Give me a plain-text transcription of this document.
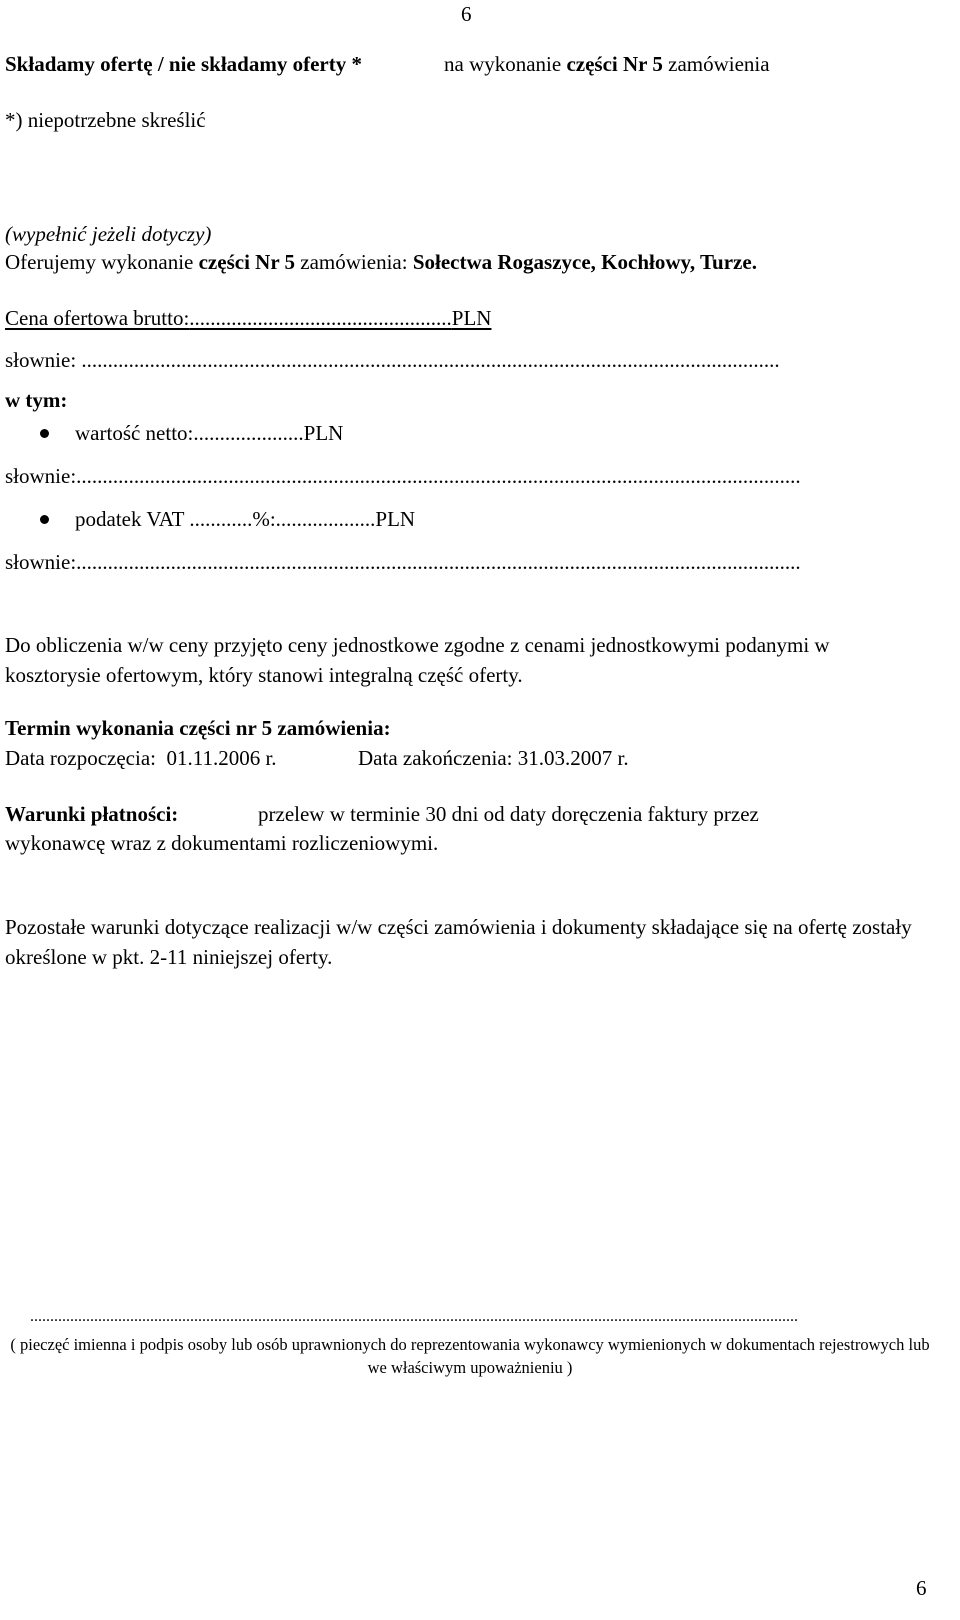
6
Składamy ofertę / nie składamy oferty *	na wykonanie części Nr 5 zamówienia
*) niepotrzebne skreślić
(wypełnić jeżeli dotyczy)
Oferujemy wykonanie części Nr 5 zamówienia: Sołectwa Rogaszyce, Kochłowy, Turze.
Cena ofertowa brutto:..................................................PLN
słownie: .....................................................................................................................................
w tym:
wartość netto:.....................PLN
słownie:..........................................................................................................................................
podatek VAT ............%:...................PLN
słownie:..........................................................................................................................................
Do obliczenia w/w ceny przyjęto ceny jednostkowe zgodne z cenami jednostkowymi podanymi w kosztorysie ofertowym, który stanowi integralną część oferty.
Termin wykonania części nr 5 zamówienia:
Data rozpoczęcia: 01.11.2006 r.	Data zakończenia: 31.03.2007 r.
Warunki płatności:	przelew w terminie 30 dni od daty doręczenia faktury przez
wykonawcę wraz z dokumentami rozliczeniowymi.
Pozostałe warunki dotyczące realizacji w/w części zamówienia i dokumenty składające się na ofertę zostały określone w pkt. 2-11 niniejszej oferty.
................................................................................................................................................................................................
( pieczęć imienna i podpis osoby lub osób uprawnionych do reprezentowania wykonawcy wymienionych w dokumentach rejestrowych lub we właściwym upoważnieniu )
6
